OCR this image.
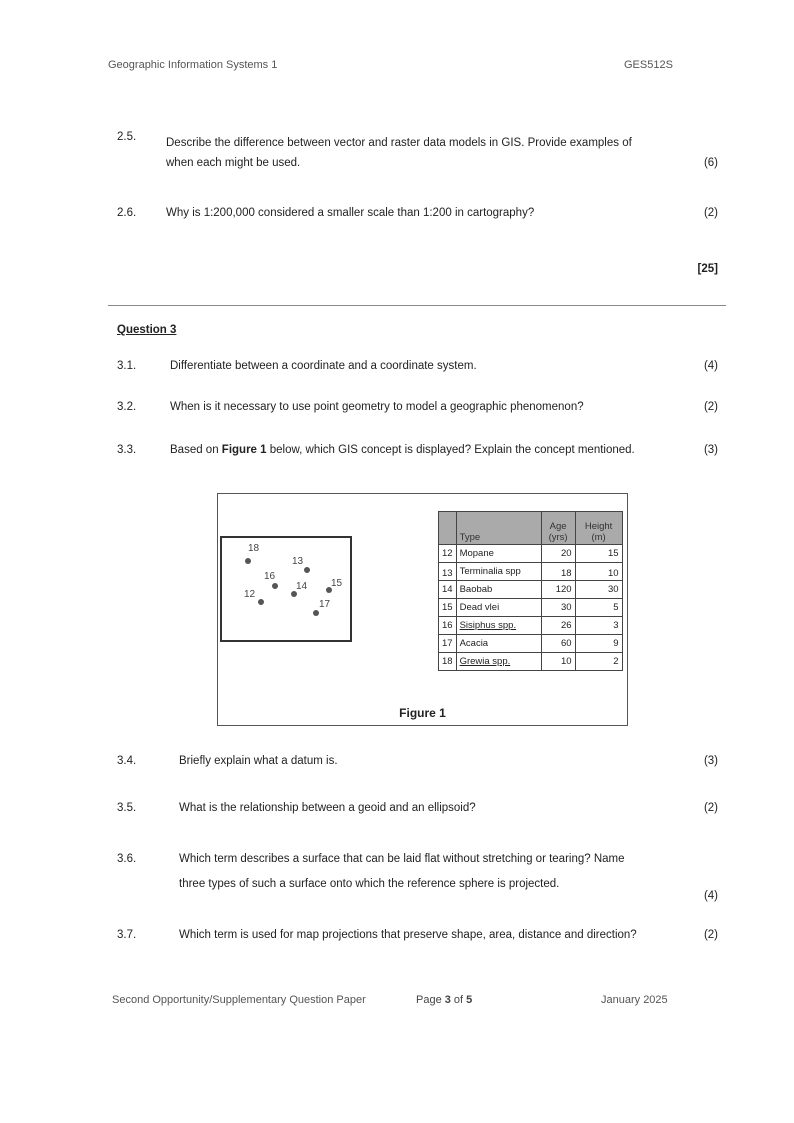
Geographic Information Systems 1	GES512S
2.5.	Describe the difference between vector and raster data models in GIS. Provide examples of
when each might be used.	(6)
2.6.	Why is 1:200,000 considered a smaller scale than 1:200 in cartography?	(2)
[25]
Question 3
3.1.	Differentiate between a coordinate and a coordinate system.	(4)
3.2.	When is it necessary to use point geometry to model a geographic phenomenon?	(2)
3.3.	Based on Figure 1 below, which GIS concept is displayed? Explain the concept mentioned.	(3)
18
13
16
14 15
12
17
	Type	Age (yrs)	Height (m)
12	Mopane	20	15
13	Terminalia spp	18	10
14	Baobab	120	30
15	Dead vlei	30	5
16	Sisiphus spp.	26	3
17	Acacia	60	9
18	Grewia spp.	10	2
Figure 1
3.4.	Briefly explain what a datum is.	(3)
3.5.	What is the relationship between a geoid and an ellipsoid?	(2)
3.6.	Which term describes a surface that can be laid flat without stretching or tearing? Name
three types of such a surface onto which the reference sphere is projected.
(4)
3.7.	Which term is used for map projections that preserve shape, area, distance and direction?	(2)
Second Opportunity/Supplementary Question Paper	Page 3 of 5	January 2025
